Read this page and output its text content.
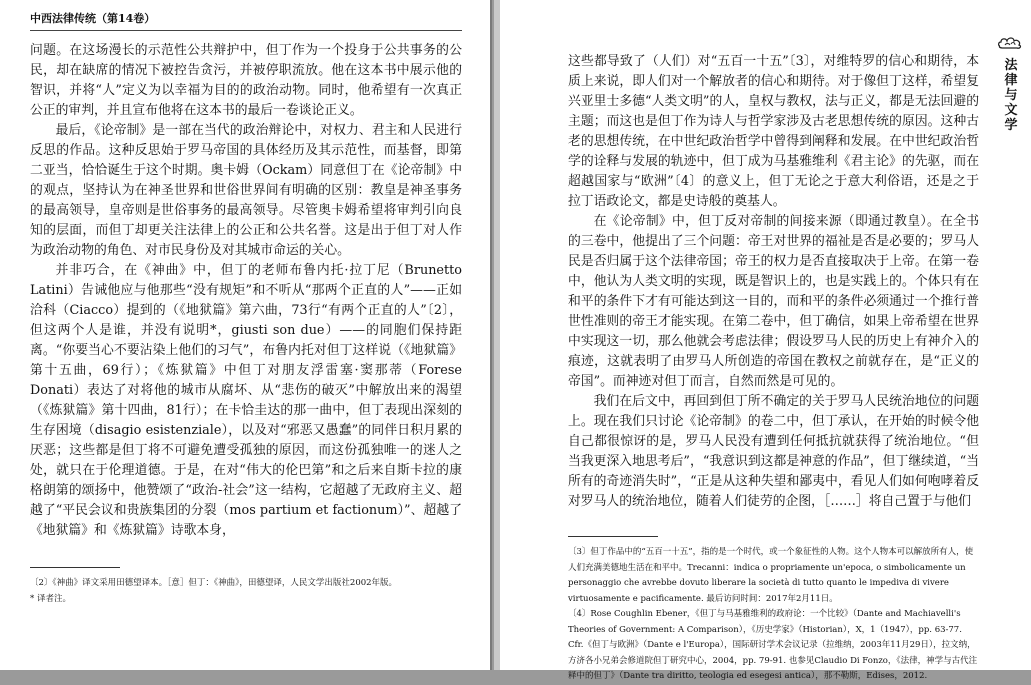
中西法律传统（第14卷）

问题。在这场漫长的示范性公共辩护中，但丁作为一个投身于公共事务的公民，却在缺席的情况下被控告贪污，并被停职流放。他在这本书中展示他的智识，并将“人”定义为以幸福为目的的政治动物。同时，他希望有一次真正公正的审判，并且宣布他将在这本书的最后一卷谈论正义。

最后，《论帝制》是一部在当代的政治辩论中，对权力、君主和人民进行反思的作品。这种反思始于罗马帝国的具体经历及其示范性，而基督，即第二亚当，恰恰诞生于这个时期。奥卡姆（Ockam）同意但丁在《论帝制》中的观点，坚持认为在神圣世界和世俗世界间有明确的区别：教皇是神圣事务的最高领导，皇帝则是世俗事务的最高领导。尽管奥卡姆希望将审判引向良知的层面，而但丁却更关注法律上的公正和公共名誉。这是出于但丁对人作为政治动物的角色、对市民身份及对其城市命运的关心。

并非巧合，在《神曲》中，但丁的老师布鲁内托·拉丁尼（Brunetto Latini）告诫他应与他那些“没有规矩”和不听从“那两个正直的人”——正如洽科（Ciacco）提到的（《地狱篇》第六曲，73行“有两个正直的人”〔2〕，但这两个人是谁，并没有说明*，giusti son due）——的同胞们保持距离。“你要当心不要沾染上他们的习气”，布鲁内托对但丁这样说（《地狱篇》第十五曲，69行）；《炼狱篇》中但丁对朋友浮雷塞·窦那蒂（Forese Donati）表达了对将他的城市从腐坏、从“悲伤的破灭”中解放出来的渴望（《炼狱篇》第十四曲，81行）；在卡恰圭达的那一曲中，但丁表现出深刻的生存困境（disagio esistenziale），以及对“邪恶又愚蠢”的同伴日积月累的厌恶；这些都是但丁将不可避免遭受孤独的原因，而这份孤独唯一的迷人之处，就只在于伦理道德。于是，在对“伟大的伦巴第”和之后来自斯卡拉的康格朗第的颂扬中，他赞颂了“政治-社会”这一结构，它超越了无政府主义、超越了“平民会议和贵族集团的分裂（mos partium et factionum）”、超越了《地狱篇》和《炼狱篇》诗歌本身，

〔2〕《神曲》译文采用田德望译本。［意］但丁：《神曲》，田德望译，人民文学出版社2002年版。
* 译者注。
法律与文学

这些都导致了（人们）对“五百一十五”〔3〕，对维特罗的信心和期待，本质上来说，即人们对一个解放者的信心和期待。对于像但丁这样，希望复兴亚里士多德“人类文明”的人，皇权与教权，法与正义，都是无法回避的主题；而这也是但丁作为诗人与哲学家涉及古老思想传统的原因。这种古老的思想传统，在中世纪政治哲学中曾得到阐释和发展。在中世纪政治哲学的诠释与发展的轨迹中，但丁成为马基雅维利《君主论》的先驱，而在超越国家与“欧洲”〔4〕的意义上，但丁无论之于意大利俗语，还是之于拉丁语政论文，都是史诗般的奠基人。

在《论帝制》中，但丁反对帝制的间接来源（即通过教皇）。在全书的三卷中，他提出了三个问题：帝王对世界的福祉是否是必要的；罗马人民是否归属于这个法律帝国；帝王的权力是否直接取决于上帝。在第一卷中，他认为人类文明的实现，既是智识上的，也是实践上的。个体只有在和平的条件下才有可能达到这一目的，而和平的条件必须通过一个推行普世性准则的帝王才能实现。在第二卷中，但丁确信，如果上帝希望在世界中实现这一切，那么他就会考虑法律；假设罗马人民的历史上有神介入的痕迹，这就表明了由罗马人所创造的帝国在教权之前就存在，是“正义的帝国”。而神迹对但丁而言，自然而然是可见的。

我们在后文中，再回到但丁所不确定的关于罗马人民统治地位的问题上。现在我们只讨论《论帝制》的卷二中，但丁承认，在开始的时候令他自己都很惊讶的是，罗马人民没有遭到任何抵抗就获得了统治地位。“但当我更深入地思考后”，“我意识到这都是神意的作品”，但丁继续道，“当所有的奇迹消失时”，“正是从这种失望和鄙夷中，看见人们如何咆哮着反对罗马人的统治地位，随着人们徒劳的企图，［……］将自己置于与他们

〔3〕但丁作品中的“五百一十五”，指的是一个时代，或一个象征性的人物。这个人物本可以解放所有人，使人们充满美德地生活在和平中。Trecanni：indica o propriamente un'epoca, o simbolicamente un personaggio che avrebbe dovuto liberare la società di tutto quanto le impediva di vivere virtuosamente e pacificamente. 最后访问时间：2017年2月11日。
〔4〕Rose Coughlin Ebener，《但丁与马基雅维利的政府论：一个比较》（Dante and Machiavelli's Theories of Government: A Comparison），《历史学家》（Historian），X，1（1947），pp. 63-77. Cfr.《但丁与欧洲》（Dante e l'Europa），国际研讨学术会议记录（拉维纳，2003年11月29日），拉文纳，方济各小兄弟会修道院但丁研究中心，2004，pp. 79-91. 也参见Claudio Di Fonzo，《法律，神学与古代注释中的但丁》（Dante tra diritto, teologia ed esegesi antica），那不勒斯，Edises，2012.
